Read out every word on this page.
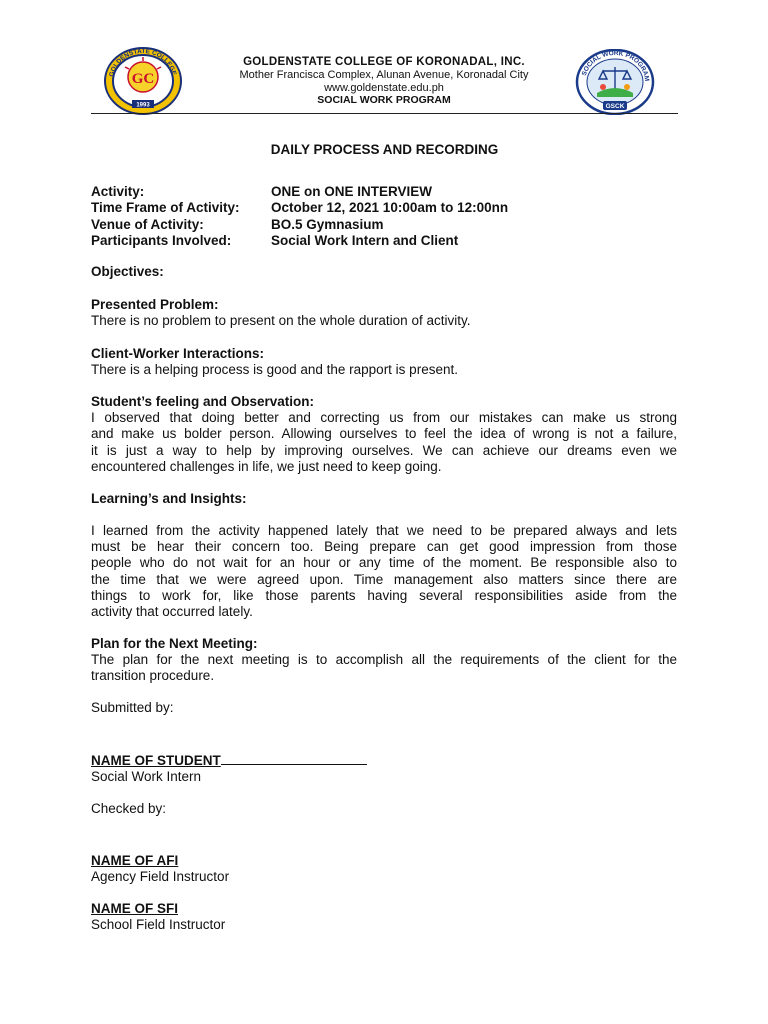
GOLDENSTATE COLLEGE
GC
1993
GOLDENSTATE COLLEGE OF KORONADAL, INC.
Mother Francisca Complex, Alunan Avenue, Koronadal City
www.goldenstate.edu.ph
SOCIAL WORK PROGRAM
SOCIAL WORK PROGRAM
GSCK
DAILY PROCESS AND RECORDING
Activity:	ONE on ONE INTERVIEW
Time Frame of Activity:	October 12, 2021 10:00am to 12:00nn
Venue of Activity:	BO.5 Gymnasium
Participants Involved:	Social Work Intern and Client
Objectives:
Presented Problem:
There is no problem to present on the whole duration of activity.
Client-Worker Interactions:
There is a helping process is good and the rapport is present.
Student’s feeling and Observation:
I observed that doing better and correcting us from our mistakes can make us strong
and make us bolder person. Allowing ourselves to feel the idea of wrong is not a failure,
it is just a way to help by improving ourselves. We can achieve our dreams even we
encountered challenges in life, we just need to keep going.
Learning’s and Insights:
I learned from the activity happened lately that we need to be prepared always and lets
must be hear their concern too. Being prepare can get good impression from those
people who do not wait for an hour or any time of the moment. Be responsible also to
the time that we were agreed upon. Time management also matters since there are
things to work for, like those parents having several responsibilities aside from the
activity that occurred lately.
Plan for the Next Meeting:
The plan for the next meeting is to accomplish all the requirements of the client for the
transition procedure.
Submitted by:
NAME OF STUDENT
Social Work Intern
Checked by:
NAME OF AFI
Agency Field Instructor
NAME OF SFI
School Field Instructor
